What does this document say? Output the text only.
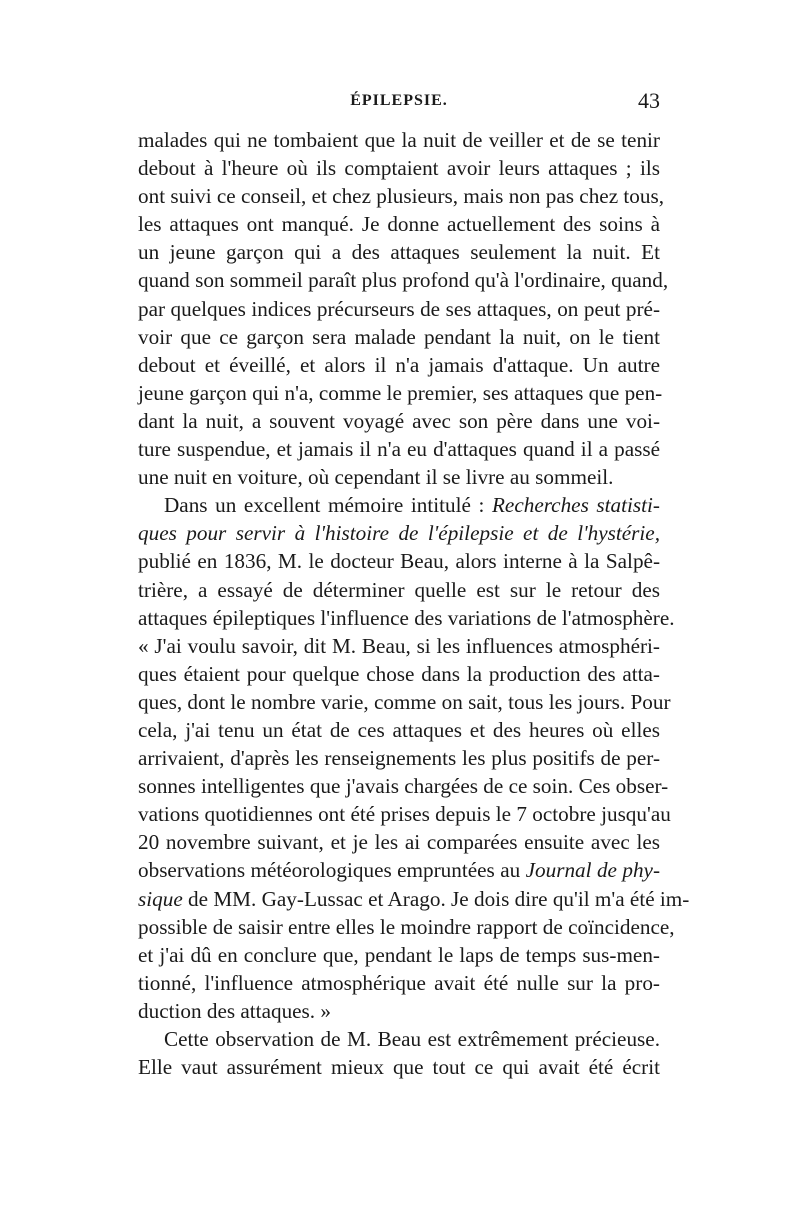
ÉPILEPSIE.	43
malades qui ne tombaient que la nuit de veiller et de se tenir
debout à l'heure où ils comptaient avoir leurs attaques ; ils
ont suivi ce conseil, et chez plusieurs, mais non pas chez tous,
les attaques ont manqué. Je donne actuellement des soins à
un jeune garçon qui a des attaques seulement la nuit. Et
quand son sommeil paraît plus profond qu'à l'ordinaire, quand,
par quelques indices précurseurs de ses attaques, on peut pré-
voir que ce garçon sera malade pendant la nuit, on le tient
debout et éveillé, et alors il n'a jamais d'attaque. Un autre
jeune garçon qui n'a, comme le premier, ses attaques que pen-
dant la nuit, a souvent voyagé avec son père dans une voi-
ture suspendue, et jamais il n'a eu d'attaques quand il a passé
une nuit en voiture, où cependant il se livre au sommeil.
Dans un excellent mémoire intitulé : Recherches statisti-
ques pour servir à l'histoire de l'épilepsie et de l'hystérie,
publié en 1836, M. le docteur Beau, alors interne à la Salpê-
trière, a essayé de déterminer quelle est sur le retour des
attaques épileptiques l'influence des variations de l'atmosphère.
« J'ai voulu savoir, dit M. Beau, si les influences atmosphéri-
ques étaient pour quelque chose dans la production des atta-
ques, dont le nombre varie, comme on sait, tous les jours. Pour
cela, j'ai tenu un état de ces attaques et des heures où elles
arrivaient, d'après les renseignements les plus positifs de per-
sonnes intelligentes que j'avais chargées de ce soin. Ces obser-
vations quotidiennes ont été prises depuis le 7 octobre jusqu'au
20 novembre suivant, et je les ai comparées ensuite avec les
observations météorologiques empruntées au Journal de phy-
sique de MM. Gay-Lussac et Arago. Je dois dire qu'il m'a été im-
possible de saisir entre elles le moindre rapport de coïncidence,
et j'ai dû en conclure que, pendant le laps de temps sus-men-
tionné, l'influence atmosphérique avait été nulle sur la pro-
duction des attaques. »
Cette observation de M. Beau est extrêmement précieuse.
Elle vaut assurément mieux que tout ce qui avait été écrit
